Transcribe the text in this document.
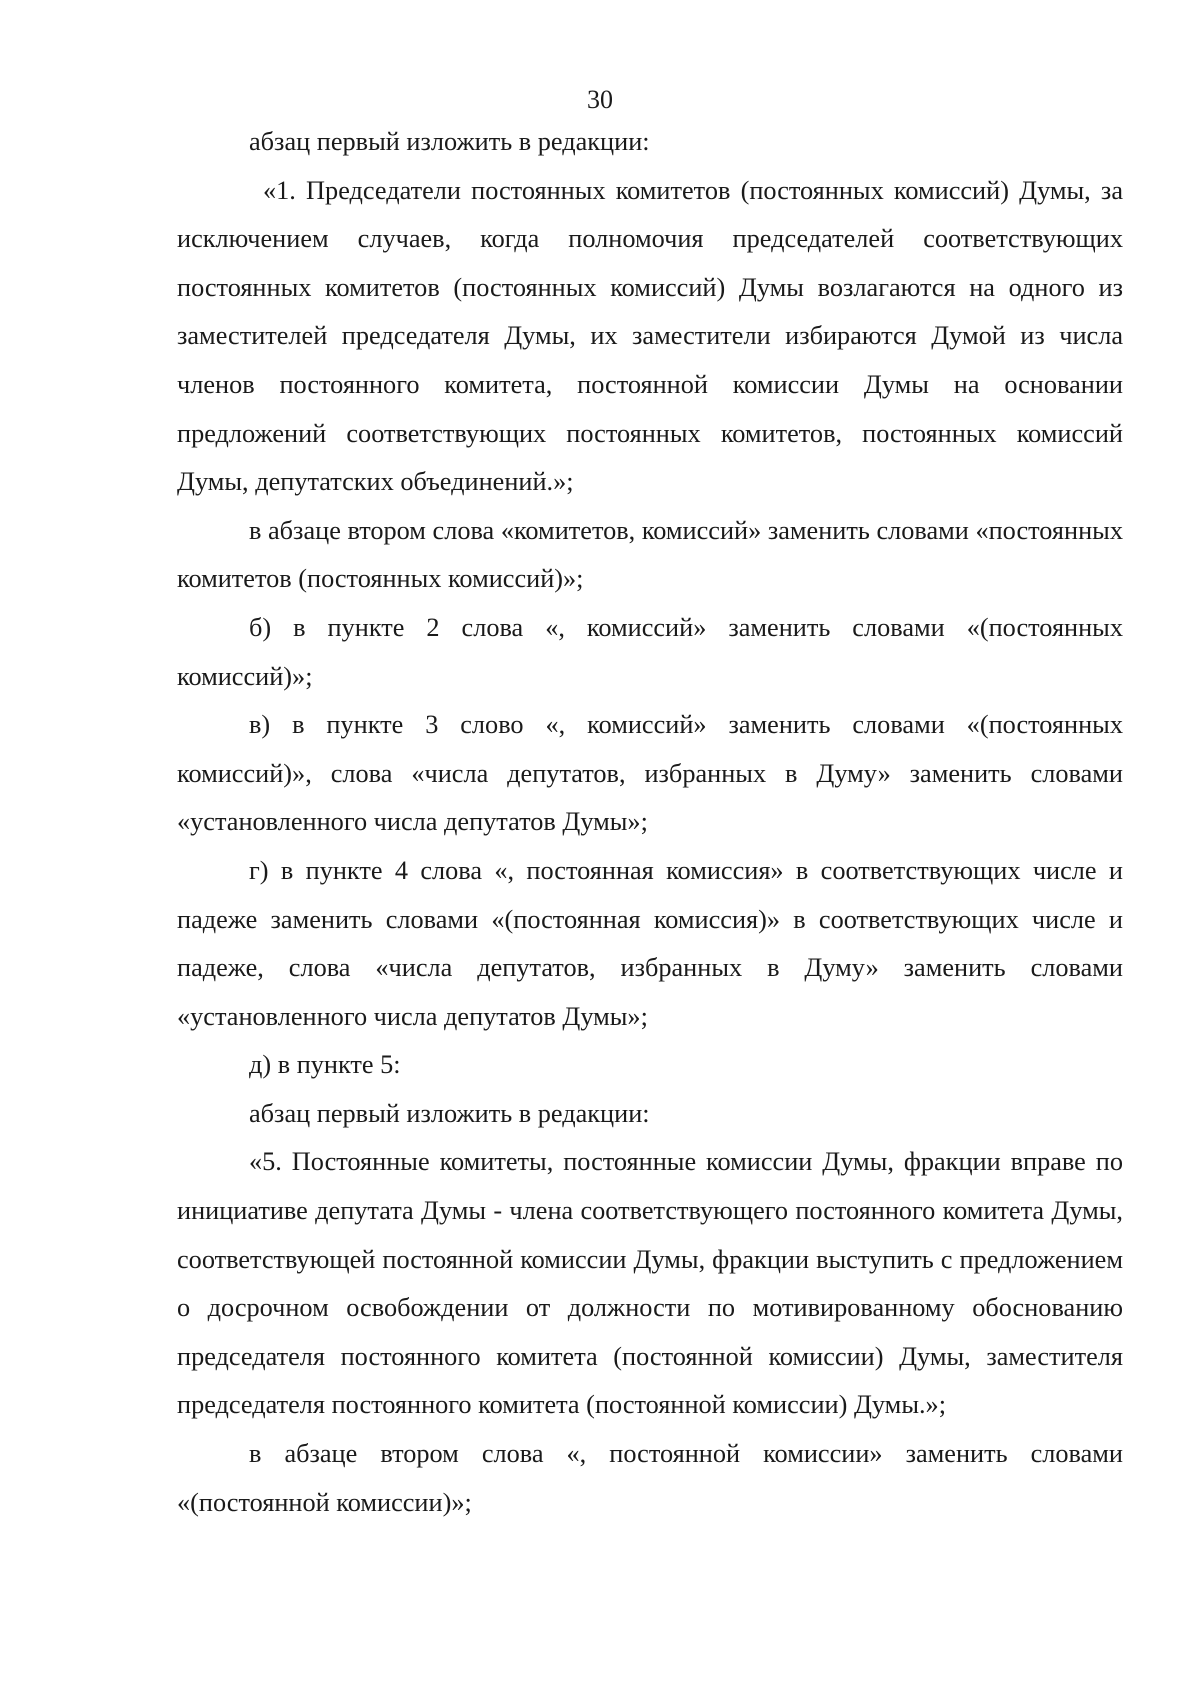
30

абзац первый изложить в редакции:

«1. Председатели постоянных комитетов (постоянных комиссий) Думы, за исключением случаев, когда полномочия председателей соответствующих постоянных комитетов (постоянных комиссий) Думы возлагаются на одного из заместителей председателя Думы, их заместители избираются Думой из числа членов постоянного комитета, постоянной комиссии Думы на основании предложений соответствующих постоянных комитетов, постоянных комиссий Думы, депутатских объединений.»;

в абзаце втором слова «комитетов, комиссий» заменить словами «постоянных комитетов (постоянных комиссий)»;

б) в пункте 2 слова «, комиссий» заменить словами «(постоянных комиссий)»;

в) в пункте 3 слово «, комиссий» заменить словами «(постоянных комиссий)», слова «числа депутатов, избранных в Думу» заменить словами «установленного числа депутатов Думы»;

г) в пункте 4 слова «, постоянная комиссия» в соответствующих числе и падеже заменить словами «(постоянная комиссия)» в соответствующих числе и падеже, слова «числа депутатов, избранных в Думу» заменить словами «установленного числа депутатов Думы»;

д) в пункте 5:

абзац первый изложить в редакции:

«5. Постоянные комитеты, постоянные комиссии Думы, фракции вправе по инициативе депутата Думы - члена соответствующего постоянного комитета Думы, соответствующей постоянной комиссии Думы, фракции выступить с предложением о досрочном освобождении от должности по мотивированному обоснованию председателя постоянного комитета (постоянной комиссии) Думы, заместителя председателя постоянного комитета (постоянной комиссии) Думы.»;

в абзаце втором слова «, постоянной комиссии» заменить словами «(постоянной комиссии)»;
